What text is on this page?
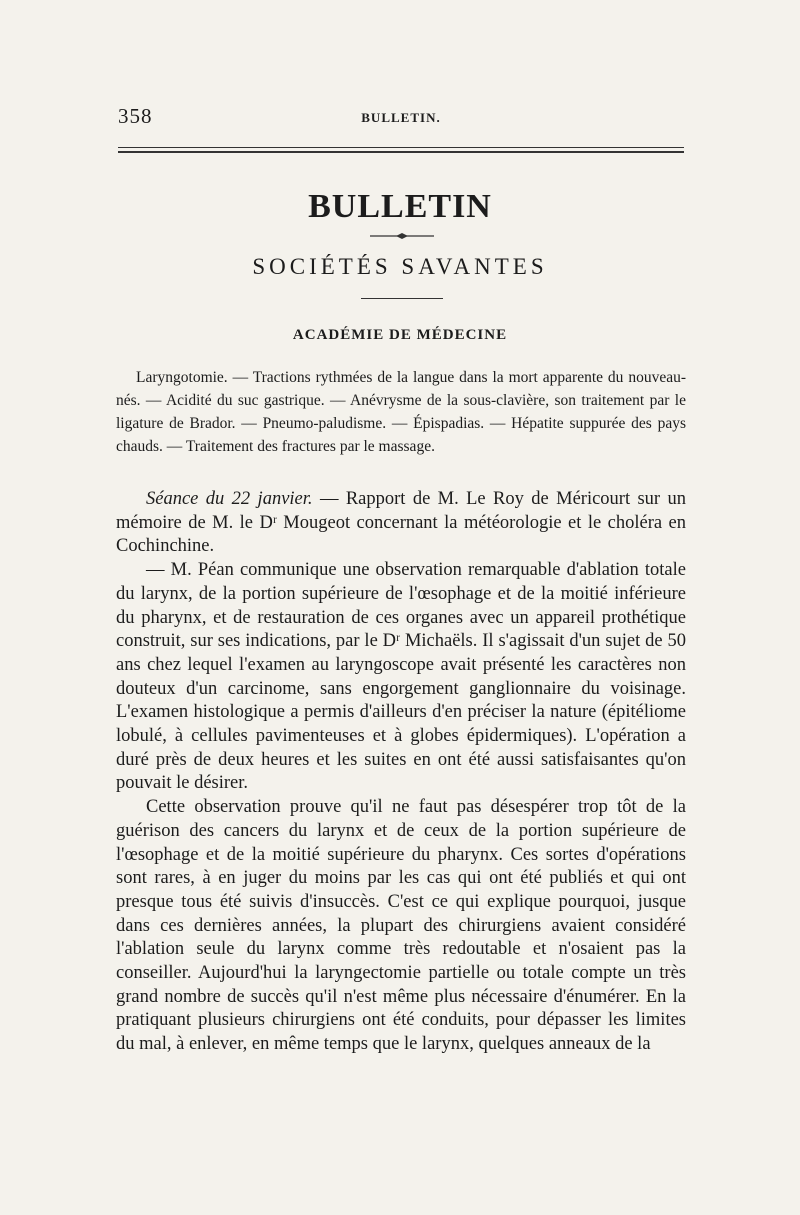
358	BULLETIN.
BULLETIN
SOCIÉTÉS SAVANTES
ACADÉMIE DE MÉDECINE
Laryngotomie. — Tractions rythmées de la langue dans la mort apparente du nouveau-nés. — Acidité du suc gastrique. — Anévrysme de la sous-clavière, son traitement par le ligature de Brador. — Pneumo-paludisme. — Épispadias. — Hépatite suppurée des pays chauds. — Traitement des fractures par le massage.

Séance du 22 janvier. — Rapport de M. Le Roy de Méricourt sur un mémoire de M. le Dʳ Mougeot concernant la météorologie et le choléra en Cochinchine.

— M. Péan communique une observation remarquable d'ablation totale du larynx, de la portion supérieure de l'œsophage et de la moitié inférieure du pharynx, et de restauration de ces organes avec un appareil prothétique construit, sur ses indications, par le Dʳ Michaëls. Il s'agissait d'un sujet de 50 ans chez lequel l'examen au laryngoscope avait présenté les caractères non douteux d'un carcinome, sans engorgement ganglionnaire du voisinage. L'examen histologique a permis d'ailleurs d'en préciser la nature (épitéliome lobulé, à cellules pavimenteuses et à globes épidermiques). L'opération a duré près de deux heures et les suites en ont été aussi satisfaisantes qu'on pouvait le désirer.

Cette observation prouve qu'il ne faut pas désespérer trop tôt de la guérison des cancers du larynx et de ceux de la portion supérieure de l'œsophage et de la moitié supérieure du pharynx. Ces sortes d'opérations sont rares, à en juger du moins par les cas qui ont été publiés et qui ont presque tous été suivis d'insuccès. C'est ce qui explique pourquoi, jusque dans ces dernières années, la plupart des chirurgiens avaient considéré l'ablation seule du larynx comme très redoutable et n'osaient pas la conseiller. Aujourd'hui la laryngectomie partielle ou totale compte un très grand nombre de succès qu'il n'est même plus nécessaire d'énumérer. En la pratiquant plusieurs chirurgiens ont été conduits, pour dépasser les limites du mal, à enlever, en même temps que le larynx, quelques anneaux de la
